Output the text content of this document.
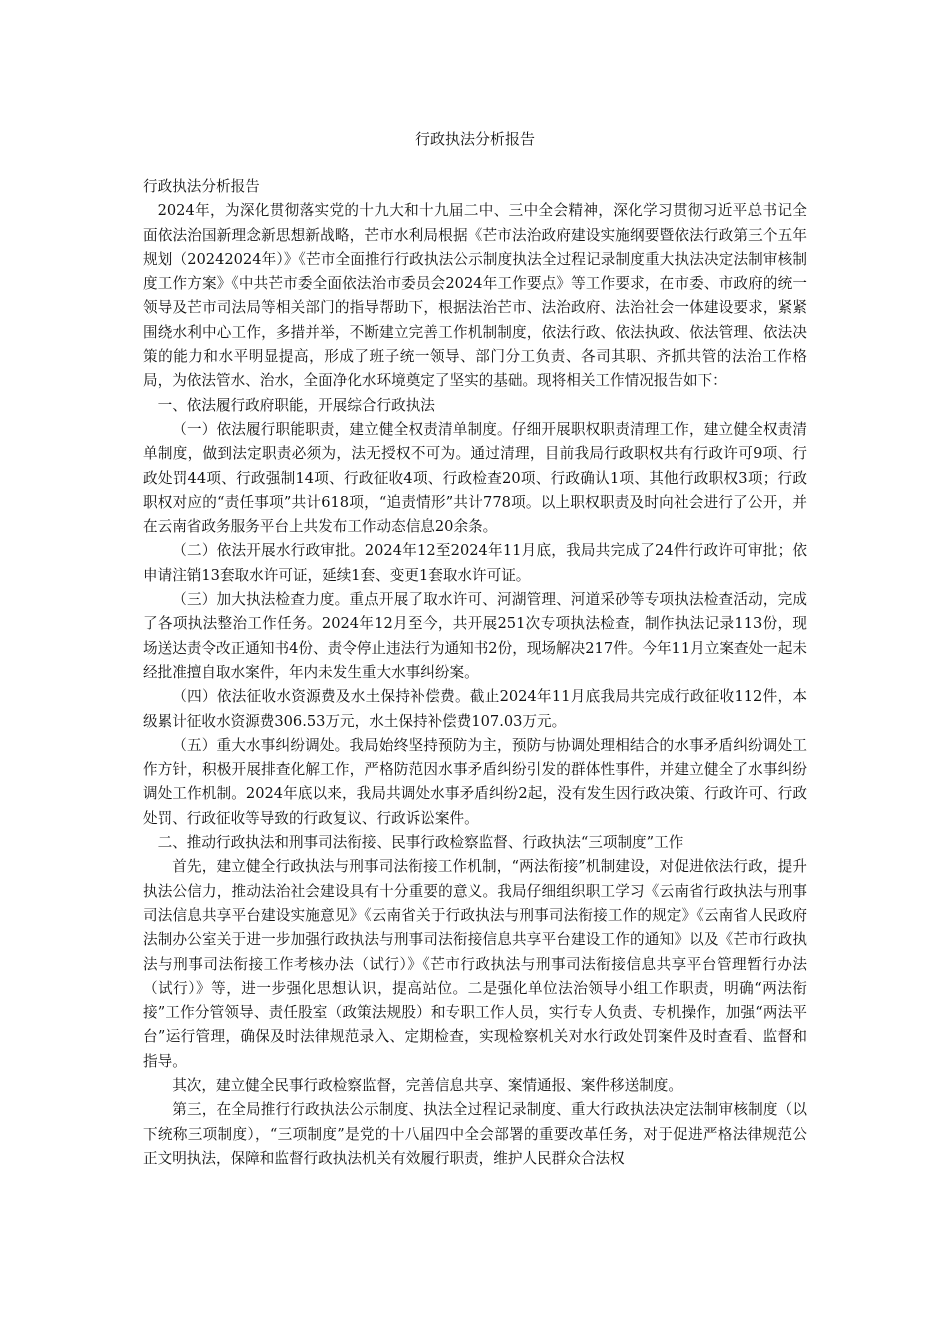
行政执法分析报告

行政执法分析报告

2024年，为深化贯彻落实党的十九大和十九届二中、三中全会精神，深化学习贯彻习近平总书记全面依法治国新理念新思想新战略，芒市水利局根据《芒市法治政府建设实施纲要暨依法行政第三个五年规划（20242024年）》《芒市全面推行行政执法公示制度执法全过程记录制度重大执法决定法制审核制度工作方案》《中共芒市委全面依法治市委员会2024年工作要点》等工作要求，在市委、市政府的统一领导及芒市司法局等相关部门的指导帮助下，根据法治芒市、法治政府、法治社会一体建设要求，紧紧围绕水利中心工作，多措并举，不断建立完善工作机制制度，依法行政、依法执政、依法管理、依法决策的能力和水平明显提高，形成了班子统一领导、部门分工负责、各司其职、齐抓共管的法治工作格局，为依法管水、治水，全面净化水环境奠定了坚实的基础。现将相关工作情况报告如下：

一、依法履行政府职能，开展综合行政执法

（一）依法履行职能职责，建立健全权责清单制度。仔细开展职权职责清理工作，建立健全权责清单制度，做到法定职责必须为，法无授权不可为。通过清理，目前我局行政职权共有行政许可9项、行政处罚44项、行政强制14项、行政征收4项、行政检查20项、行政确认1项、其他行政职权3项；行政职权对应的“责任事项”共计618项，“追责情形”共计778项。以上职权职责及时向社会进行了公开，并在云南省政务服务平台上共发布工作动态信息20余条。

（二）依法开展水行政审批。2024年12至2024年11月底，我局共完成了24件行政许可审批；依申请注销13套取水许可证，延续1套、变更1套取水许可证。

（三）加大执法检查力度。重点开展了取水许可、河湖管理、河道采砂等专项执法检查活动，完成了各项执法整治工作任务。2024年12月至今，共开展251次专项执法检查，制作执法记录113份，现场送达责令改正通知书4份、责令停止违法行为通知书2份，现场解决217件。今年11月立案查处一起未经批准擅自取水案件，年内未发生重大水事纠纷案。

（四）依法征收水资源费及水土保持补偿费。截止2024年11月底我局共完成行政征收112件，本级累计征收水资源费306.53万元，水土保持补偿费107.03万元。

（五）重大水事纠纷调处。我局始终坚持预防为主，预防与协调处理相结合的水事矛盾纠纷调处工作方针，积极开展排查化解工作，严格防范因水事矛盾纠纷引发的群体性事件，并建立健全了水事纠纷调处工作机制。2024年底以来，我局共调处水事矛盾纠纷2起，没有发生因行政决策、行政许可、行政处罚、行政征收等导致的行政复议、行政诉讼案件。

二、推动行政执法和刑事司法衔接、民事行政检察监督、行政执法“三项制度”工作

首先，建立健全行政执法与刑事司法衔接工作机制，“两法衔接”机制建设，对促进依法行政，提升执法公信力，推动法治社会建设具有十分重要的意义。我局仔细组织职工学习《云南省行政执法与刑事司法信息共享平台建设实施意见》《云南省关于行政执法与刑事司法衔接工作的规定》《云南省人民政府法制办公室关于进一步加强行政执法与刑事司法衔接信息共享平台建设工作的通知》以及《芒市行政执法与刑事司法衔接工作考核办法（试行）》《芒市行政执法与刑事司法衔接信息共享平台管理暂行办法（试行）》等，进一步强化思想认识，提高站位。二是强化单位法治领导小组工作职责，明确“两法衔接”工作分管领导、责任股室（政策法规股）和专职工作人员，实行专人负责、专机操作，加强“两法平台”运行管理，确保及时法律规范录入、定期检查，实现检察机关对水行政处罚案件及时查看、监督和指导。

其次，建立健全民事行政检察监督，完善信息共享、案情通报、案件移送制度。

第三，在全局推行行政执法公示制度、执法全过程记录制度、重大行政执法决定法制审核制度（以下统称三项制度），“三项制度”是党的十八届四中全会部署的重要改革任务，对于促进严格法律规范公正文明执法，保障和监督行政执法机关有效履行职责，维护人民群众合法权
